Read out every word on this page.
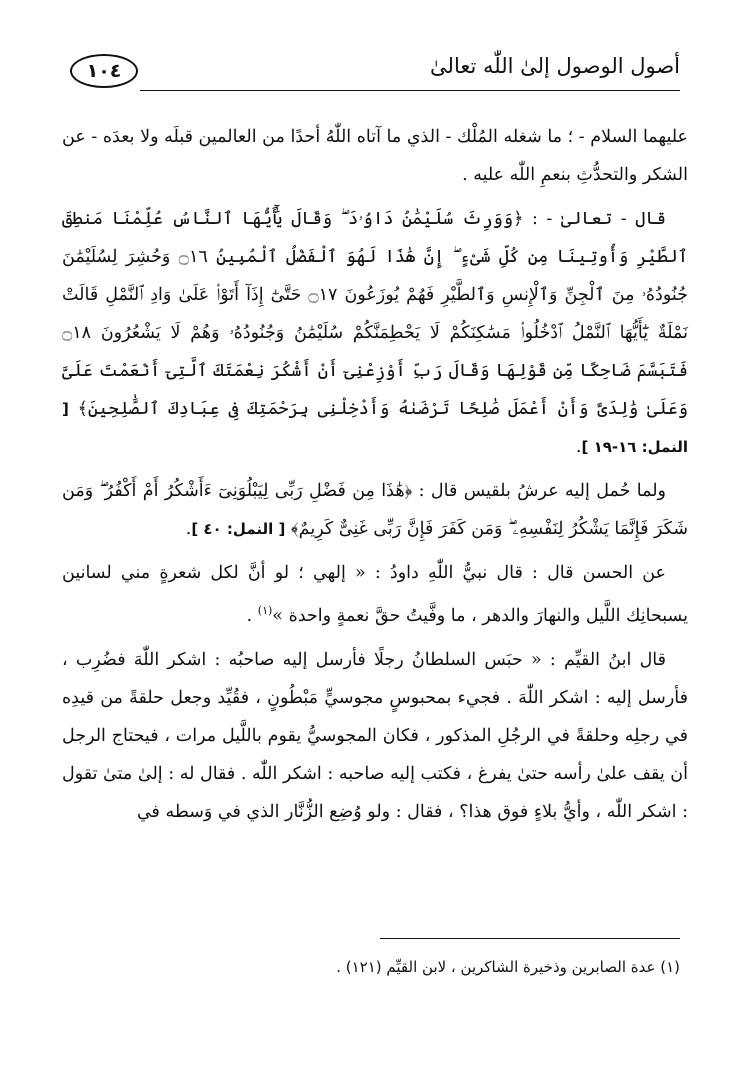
أصول الوصول إلىٰ اللّٰه تعالىٰ
١٠٤

عليهما السلام - ؛ ما شغله المُلْك - الذي ما آتاه اللّٰهُ أحدًا من العالمين قبلَه ولا بعدَه - عن الشكر والتحدُّثِ بنعمِ اللّٰه عليه .

قال - تعالىٰ - : ﴿وَوَرِثَ سُلَيْمَٰنُ دَاوُۥدَ ۖ وَقَالَ يَٰٓأَيُّهَا ٱلنَّاسُ عُلِّمْنَا مَنطِقَ ٱلطَّيْرِ وَأُوتِينَا مِن كُلِّ شَىْءٍ ۖ إِنَّ هَٰذَا لَهُوَ ٱلْفَضْلُ ٱلْمُبِينُ ۝١٦ وَحُشِرَ لِسُلَيْمَٰنَ جُنُودُهُۥ مِنَ ٱلْجِنِّ وَٱلْإِنسِ وَٱلطَّيْرِ فَهُمْ يُوزَعُونَ ۝١٧ حَتَّىٰٓ إِذَآ أَتَوْا۟ عَلَىٰ وَادِ ٱلنَّمْلِ قَالَتْ نَمْلَةٌ يَٰٓأَيُّهَا ٱلنَّمْلُ ٱدْخُلُوا۟ مَسَٰكِنَكُمْ لَا يَحْطِمَنَّكُمْ سُلَيْمَٰنُ وَجُنُودُهُۥ وَهُمْ لَا يَشْعُرُونَ ۝١٨ فَتَبَسَّمَ ضَاحِكًا مِّن قَوْلِهَا وَقَالَ رَبِّ أَوْزِعْنِىٓ أَنْ أَشْكُرَ نِعْمَتَكَ ٱلَّتِىٓ أَنْعَمْتَ عَلَىَّ وَعَلَىٰ وَٰلِدَىَّ وَأَنْ أَعْمَلَ صَٰلِحًا تَرْضَىٰهُ وَأَدْخِلْنِى بِرَحْمَتِكَ فِى عِبَادِكَ ٱلصَّٰلِحِينَ﴾ [ النمل: ١٦-١٩ ].

ولما حُمل إليه عرشُ بلقيس قال : ﴿هَٰذَا مِن فَضْلِ رَبِّى لِيَبْلُوَنِىٓ ءَأَشْكُرُ أَمْ أَكْفُرُ ۖ وَمَن شَكَرَ فَإِنَّمَا يَشْكُرُ لِنَفْسِهِۦ ۖ وَمَن كَفَرَ فَإِنَّ رَبِّى غَنِىٌّ كَرِيمٌ﴾ [ النمل: ٤٠ ].

عن الحسن قال : قال نبيُّ اللّٰهِ داودُ : « إلهي ؛ لو أنَّ لكل شعرةٍ مني لسانين يسبحانِك اللَّيل والنهارَ والدهر ، ما وفَّيتُ حقَّ نعمةٍ واحدة »$^{(١)}$ .

قال ابنُ القيِّم : « حبَس السلطانُ رجلًا فأرسل إليه صاحبُه : اشكر اللّٰهَ فضُرِب ، فأرسل إليه : اشكر اللّٰهَ . فجيء بمحبوسٍ مجوسيٍّ مَبْطُونٍ ، فقُيِّد وجعل حلقةً من قيدِه في رجلِه وحلقةً في الرجُلِ المذكور ، فكان المجوسيُّ يقوم باللَّيل مرات ، فيحتاج الرجل أن يقف علىٰ رأسه حتىٰ يفرغ ، فكتب إليه صاحبه : اشكر اللّٰه . فقال له : إلىٰ متىٰ تقول : اشكر اللّٰه ، وأيُّ بلاءٍ فوق هذا؟ ، فقال : ولو وُضِع الزُّنَّار الذي في وَسطه في

(١) عدة الصابرين وذخيرة الشاكرين ، لابن القيِّم (١٢١) .
